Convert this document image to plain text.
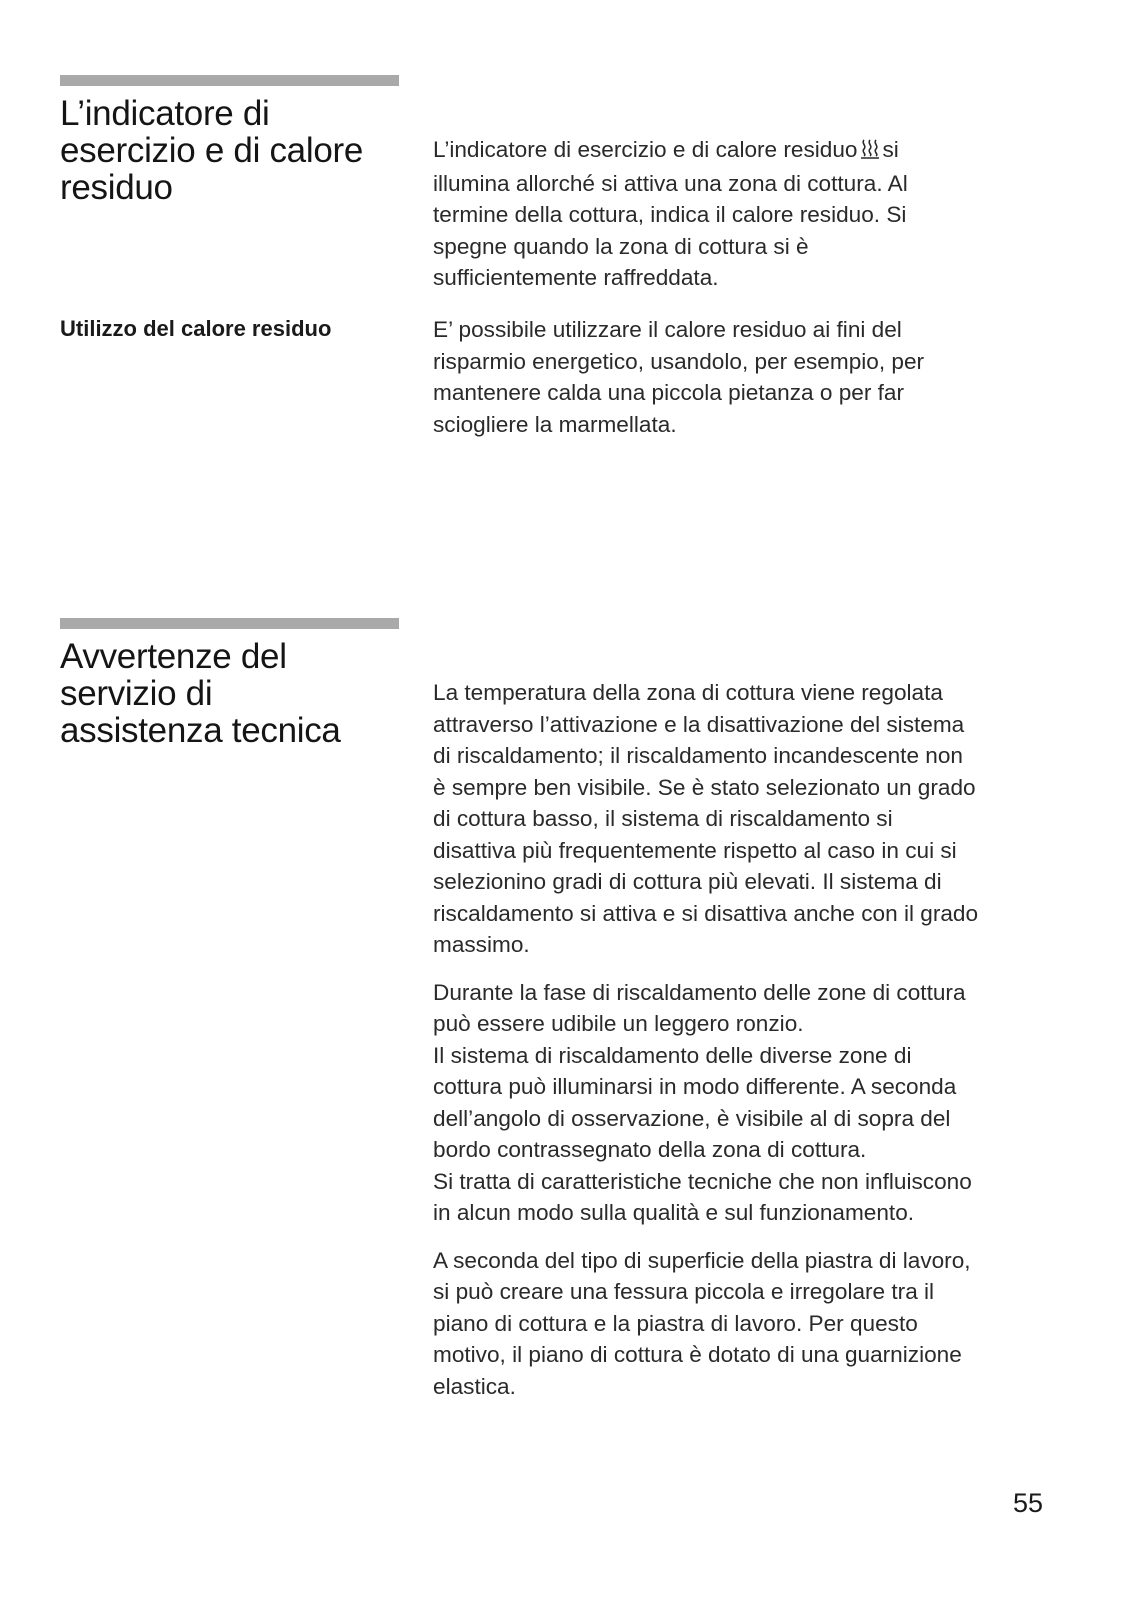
L’indicatore di
esercizio e di calore
residuo

L’indicatore di esercizio e di calore residuo si
illumina allorché si attiva una zona di cottura. Al
termine della cottura, indica il calore residuo. Si
spegne quando la zona di cottura si è
sufficientemente raffreddata.

Utilizzo del calore residuo	E’ possibile utilizzare il calore residuo ai fini del
risparmio energetico, usandolo, per esempio, per
mantenere calda una piccola pietanza o per far
sciogliere la marmellata.

Avvertenze del
servizio di
assistenza tecnica

La temperatura della zona di cottura viene regolata
attraverso l’attivazione e la disattivazione del sistema
di riscaldamento; il riscaldamento incandescente non
è sempre ben visibile. Se è stato selezionato un grado
di cottura basso, il sistema di riscaldamento si
disattiva più frequentemente rispetto al caso in cui si
selezionino gradi di cottura più elevati. Il sistema di
riscaldamento si attiva e si disattiva anche con il grado
massimo.

Durante la fase di riscaldamento delle zone di cottura
può essere udibile un leggero ronzio.
Il sistema di riscaldamento delle diverse zone di
cottura può illuminarsi in modo differente. A seconda
dell’angolo di osservazione, è visibile al di sopra del
bordo contrassegnato della zona di cottura.
Si tratta di caratteristiche tecniche che non influiscono
in alcun modo sulla qualità e sul funzionamento.

A seconda del tipo di superficie della piastra di lavoro,
si può creare una fessura piccola e irregolare tra il
piano di cottura e la piastra di lavoro. Per questo
motivo, il piano di cottura è dotato di una guarnizione
elastica.

55
